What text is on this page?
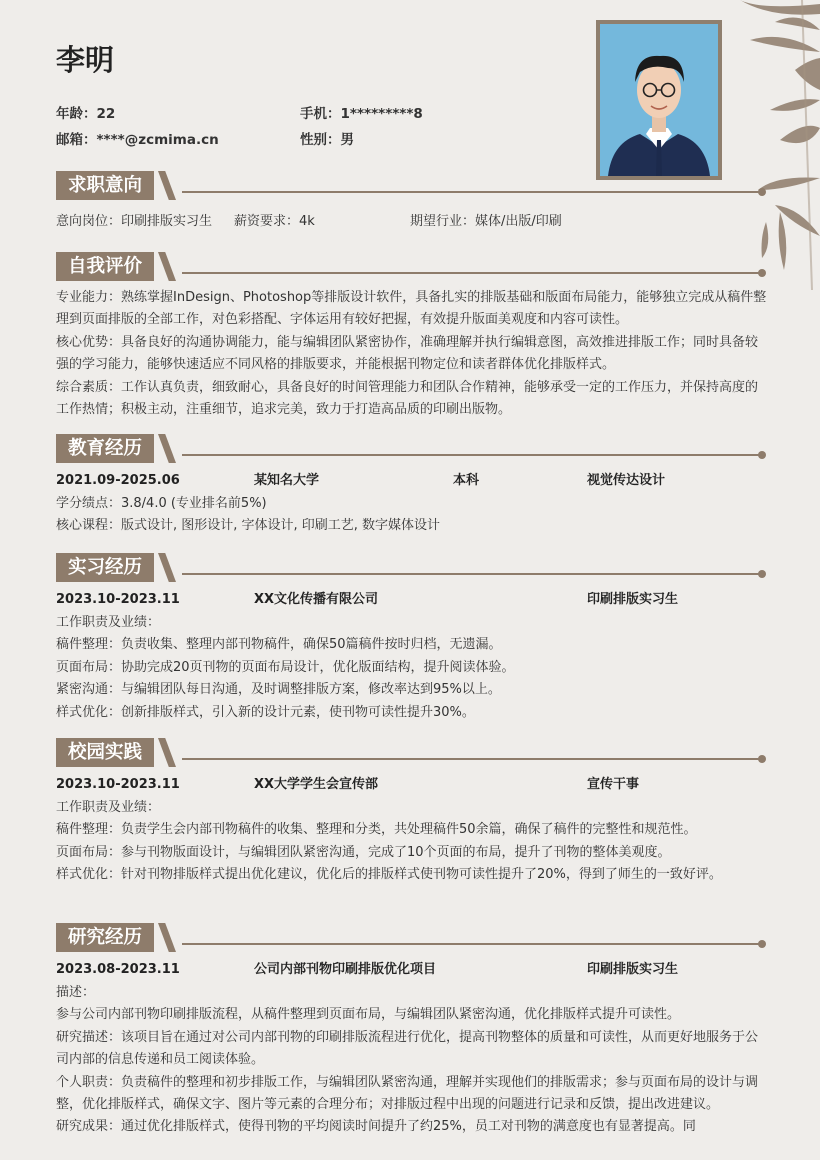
李明
年龄：22	手机：1*********8
邮箱：****@zcmima.cn	性别：男
求职意向
意向岗位：印刷排版实习生 薪资要求：4k	期望行业：媒体/出版/印刷
自我评价

专业能力：熟练掌握InDesign、Photoshop等排版设计软件，具备扎实的排版基础和版面布局能力，能够独立完成从稿件整理到页面排版的全部工作，对色彩搭配、字体运用有较好把握，有效提升版面美观度和内容可读性。

核心优势：具备良好的沟通协调能力，能与编辑团队紧密协作，准确理解并执行编辑意图，高效推进排版工作；同时具备较强的学习能力，能够快速适应不同风格的排版要求，并能根据刊物定位和读者群体优化排版样式。

综合素质：工作认真负责，细致耐心，具备良好的时间管理能力和团队合作精神，能够承受一定的工作压力，并保持高度的工作热情；积极主动，注重细节，追求完美，致力于打造高品质的印刷出版物。

教育经历
2021.09-2025.06	某知名大学	本科	视觉传达设计

学分绩点：3.8/4.0 (专业排名前5%)

核心课程：版式设计, 图形设计, 字体设计, 印刷工艺, 数字媒体设计

实习经历
2023.10-2023.11	XX文化传播有限公司	印刷排版实习生

工作职责及业绩：

稿件整理：负责收集、整理内部刊物稿件，确保50篇稿件按时归档，无遗漏。

页面布局：协助完成20页刊物的页面布局设计，优化版面结构，提升阅读体验。

紧密沟通：与编辑团队每日沟通，及时调整排版方案，修改率达到95%以上。

样式优化：创新排版样式，引入新的设计元素，使刊物可读性提升30%。

校园实践
2023.10-2023.11	XX大学学生会宣传部	宣传干事

工作职责及业绩：

稿件整理：负责学生会内部刊物稿件的收集、整理和分类，共处理稿件50余篇，确保了稿件的完整性和规范性。

页面布局：参与刊物版面设计，与编辑团队紧密沟通，完成了10个页面的布局，提升了刊物的整体美观度。

样式优化：针对刊物排版样式提出优化建议，优化后的排版样式使刊物可读性提升了20%，得到了师生的一致好评。

研究经历
2023.08-2023.11	公司内部刊物印刷排版优化项目	印刷排版实习生

描述：

参与公司内部刊物印刷排版流程，从稿件整理到页面布局，与编辑团队紧密沟通，优化排版样式提升可读性。

研究描述：该项目旨在通过对公司内部刊物的印刷排版流程进行优化，提高刊物整体的质量和可读性，从而更好地服务于公司内部的信息传递和员工阅读体验。

个人职责：负责稿件的整理和初步排版工作，与编辑团队紧密沟通，理解并实现他们的排版需求；参与页面布局的设计与调整，优化排版样式，确保文字、图片等元素的合理分布；对排版过程中出现的问题进行记录和反馈，提出改进建议。

研究成果：通过优化排版样式，使得刊物的平均阅读时间提升了约25%，员工对刊物的满意度也有显著提高。同
